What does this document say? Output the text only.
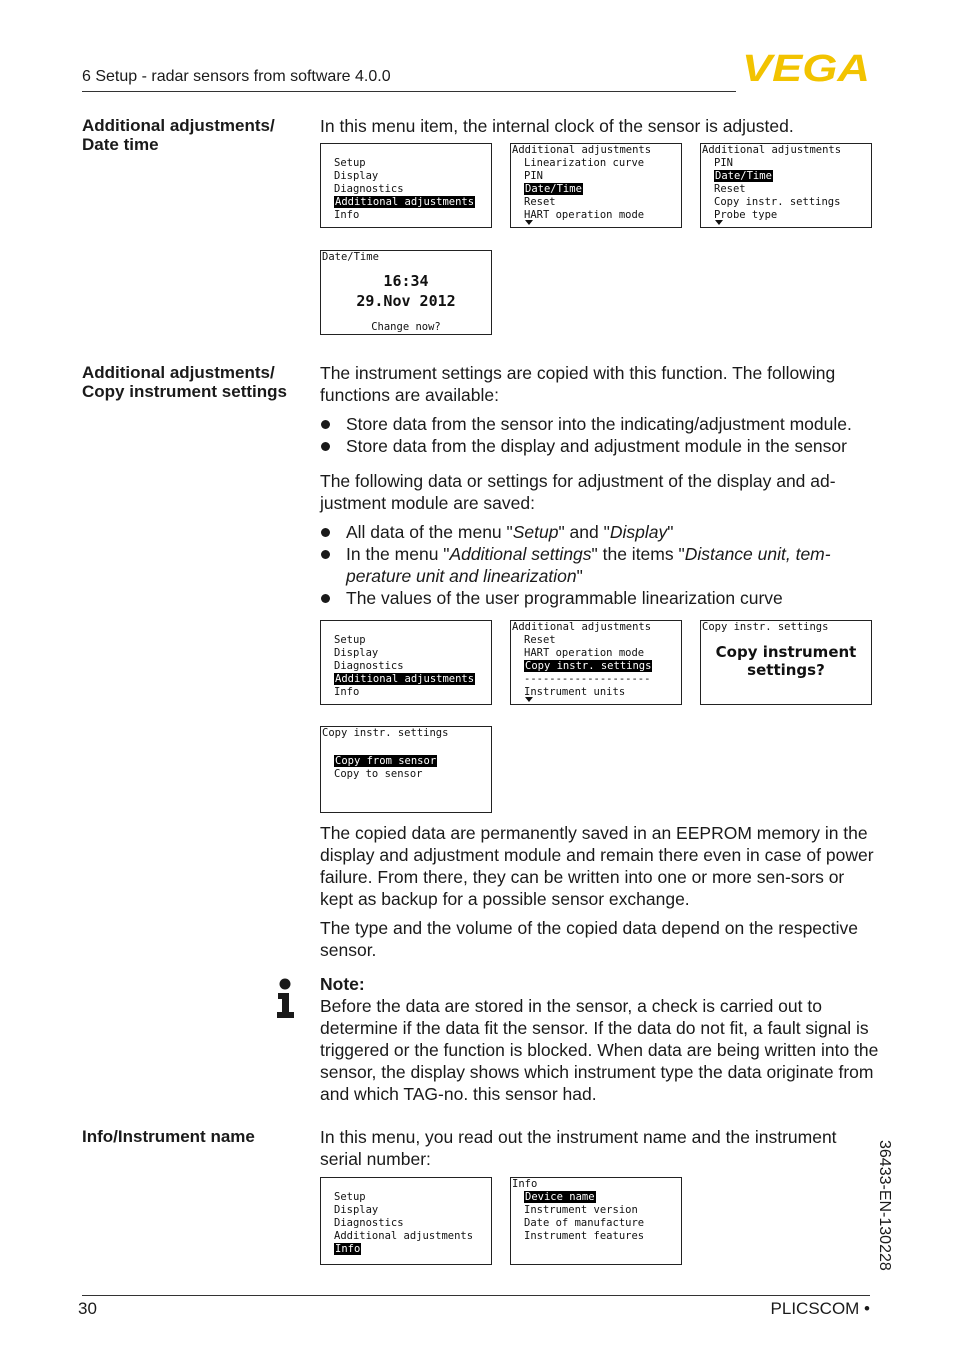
6 Setup - radar sensors from software 4.0.0	VEGA
Additional adjustments/ Date time
In this menu item, the internal clock of the sensor is adjusted.
Setup
Display
Diagnostics
Additional adjustments
Info
Additional adjustments
Linearization curve
PIN
Date/Time
Reset
HART operation mode
Additional adjustments
PIN
Date/Time
Reset
Copy instr. settings
Probe type
Date/Time
16:34
29.Nov 2012
Change now?
Additional adjustments/ Copy instrument settings

The instrument settings are copied with this function. The following functions are available:

Store data from the sensor into the indicating/adjustment module.
Store data from the display and adjustment module in the sensor

The following data or settings for adjustment of the display and ad-justment module are saved:

All data of the menu "Setup" and "Display"
In the menu "Additional settings" the items "Distance unit, tem-perature unit and linearization"
The values of the user programmable linearization curve
Setup
Display
Diagnostics
Additional adjustments
Info
Additional adjustments
Reset
HART operation mode
Copy instr. settings
--------------------
Instrument units
Copy instr. settings
Copy instrument
settings?
Copy instr. settings
Copy from sensor
Copy to sensor

The copied data are permanently saved in an EEPROM memory in the display and adjustment module and remain there even in case of power failure. From there, they can be written into one or more sen-sors or kept as backup for a possible sensor exchange.

The type and the volume of the copied data depend on the respective sensor.

Note:

Before the data are stored in the sensor, a check is carried out to determine if the data fit the sensor. If the data do not fit, a fault signal is triggered or the function is blocked. When data are being written into the sensor, the display shows which instrument type the data originate from and which TAG-no. this sensor had.

Info/Instrument name	In this menu, you read out the instrument name and the instrument serial number:
Setup
Display
Diagnostics
Additional adjustments
Info
Info
Device name
Instrument version
Date of manufacture
Instrument features	36433-EN-130228
30	PLICSCOM •
